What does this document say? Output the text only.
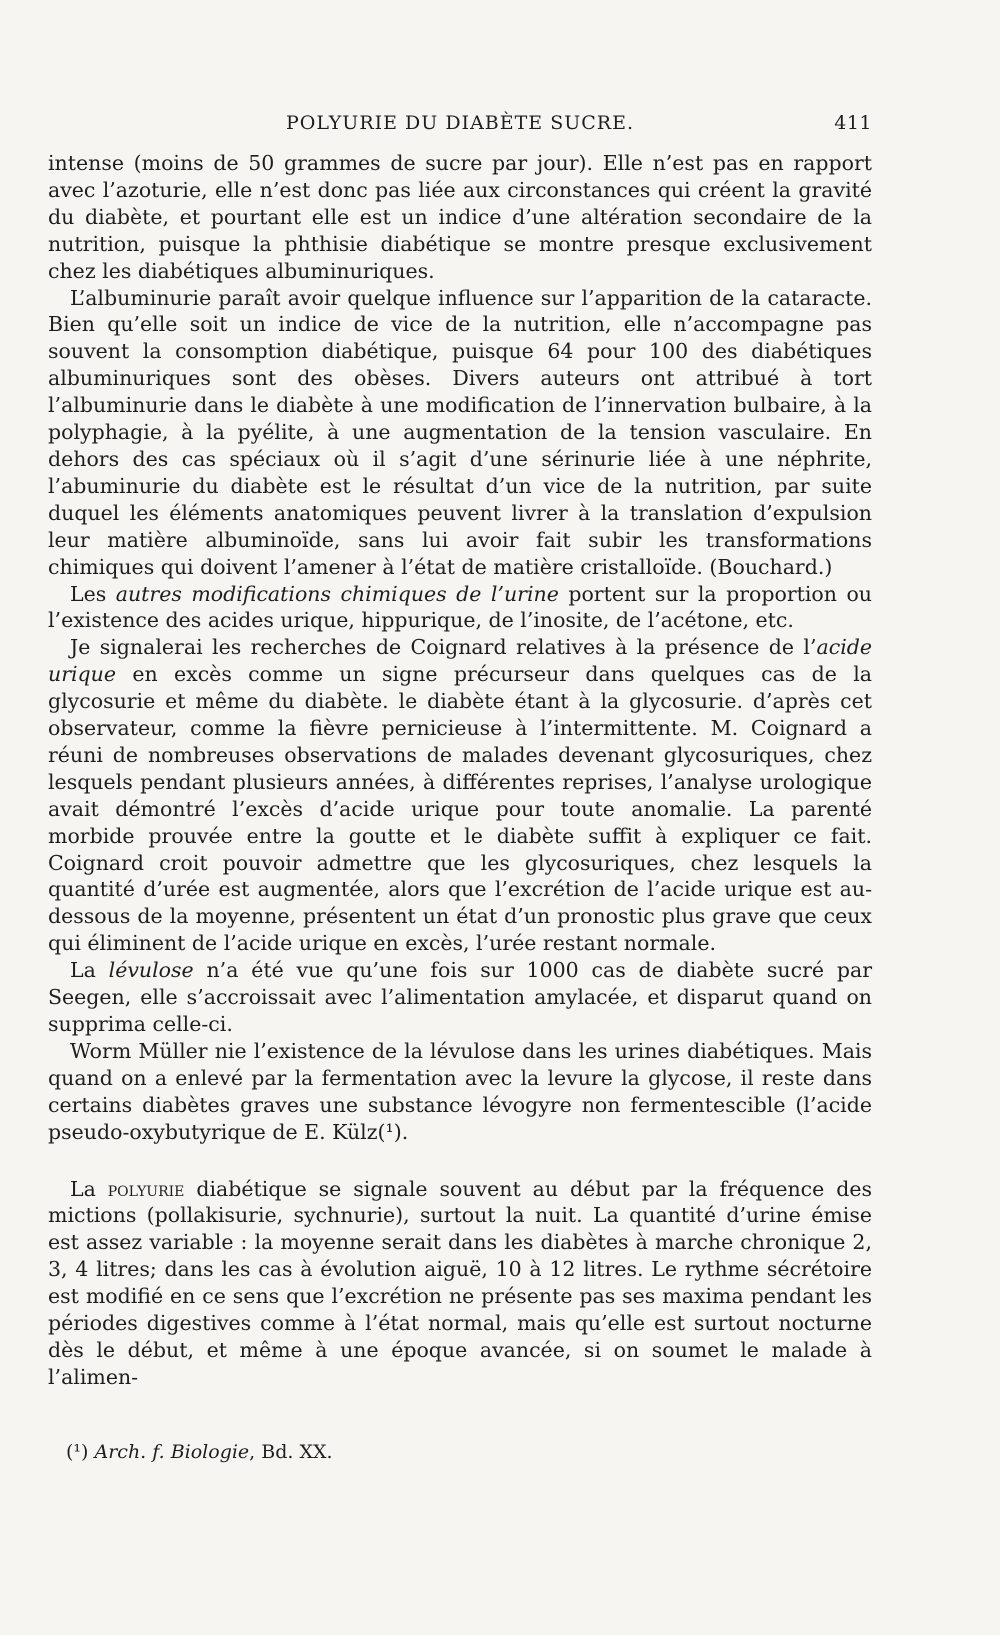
POLYURIE DU DIABÈTE SUCRE.	411

intense (moins de 50 grammes de sucre par jour). Elle n’est pas en rapport avec l’azoturie, elle n’est donc pas liée aux circonstances qui créent la gravité du diabète, et pourtant elle est un indice d’une altération secondaire de la nutrition, puisque la phthisie diabétique se montre presque exclusivement chez les diabétiques albuminuriques.

L’albuminurie paraît avoir quelque influence sur l’apparition de la cataracte. Bien qu’elle soit un indice de vice de la nutrition, elle n’accompagne pas souvent la consomption diabétique, puisque 64 pour 100 des diabétiques albuminuriques sont des obèses. Divers auteurs ont attribué à tort l’albuminurie dans le diabète à une modification de l’innervation bulbaire, à la polyphagie, à la pyélite, à une augmentation de la tension vasculaire. En dehors des cas spéciaux où il s’agit d’une sérinurie liée à une néphrite, l’abuminurie du diabète est le résultat d’un vice de la nutrition, par suite duquel les éléments anatomiques peuvent livrer à la translation d’expulsion leur matière albuminoïde, sans lui avoir fait subir les transformations chimiques qui doivent l’amener à l’état de matière cristalloïde. (Bouchard.)

Les autres modifications chimiques de l’urine portent sur la proportion ou l’existence des acides urique, hippurique, de l’inosite, de l’acétone, etc.

Je signalerai les recherches de Coignard relatives à la présence de l’acide urique en excès comme un signe précurseur dans quelques cas de la glycosurie et même du diabète. le diabète étant à la glycosurie. d’après cet observateur, comme la fièvre pernicieuse à l’intermittente. M. Coignard a réuni de nombreuses observations de malades devenant glycosuriques, chez lesquels pendant plusieurs années, à différentes reprises, l’analyse urologique avait démontré l’excès d’acide urique pour toute anomalie. La parenté morbide prouvée entre la goutte et le diabète suffit à expliquer ce fait. Coignard croit pouvoir admettre que les glycosuriques, chez lesquels la quantité d’urée est augmentée, alors que l’excrétion de l’acide urique est au-dessous de la moyenne, présentent un état d’un pronostic plus grave que ceux qui éliminent de l’acide urique en excès, l’urée restant normale.

La lévulose n’a été vue qu’une fois sur 1000 cas de diabète sucré par Seegen, elle s’accroissait avec l’alimentation amylacée, et disparut quand on supprima celle-ci.

Worm Müller nie l’existence de la lévulose dans les urines diabétiques. Mais quand on a enlevé par la fermentation avec la levure la glycose, il reste dans certains diabètes graves une substance lévogyre non fermentescible (l’acide pseudo-oxybutyrique de E. Külz(¹).

La polyurie diabétique se signale souvent au début par la fréquence des mictions (pollakisurie, sychnurie), surtout la nuit. La quantité d’urine émise est assez variable : la moyenne serait dans les diabètes à marche chronique 2, 3, 4 litres; dans les cas à évolution aiguë, 10 à 12 litres. Le rythme sécrétoire est modifié en ce sens que l’excrétion ne présente pas ses maxima pendant les périodes digestives comme à l’état normal, mais qu’elle est surtout nocturne dès le début, et même à une époque avancée, si on soumet le malade à l’alimen-

(¹) Arch. f. Biologie, Bd. XX.
